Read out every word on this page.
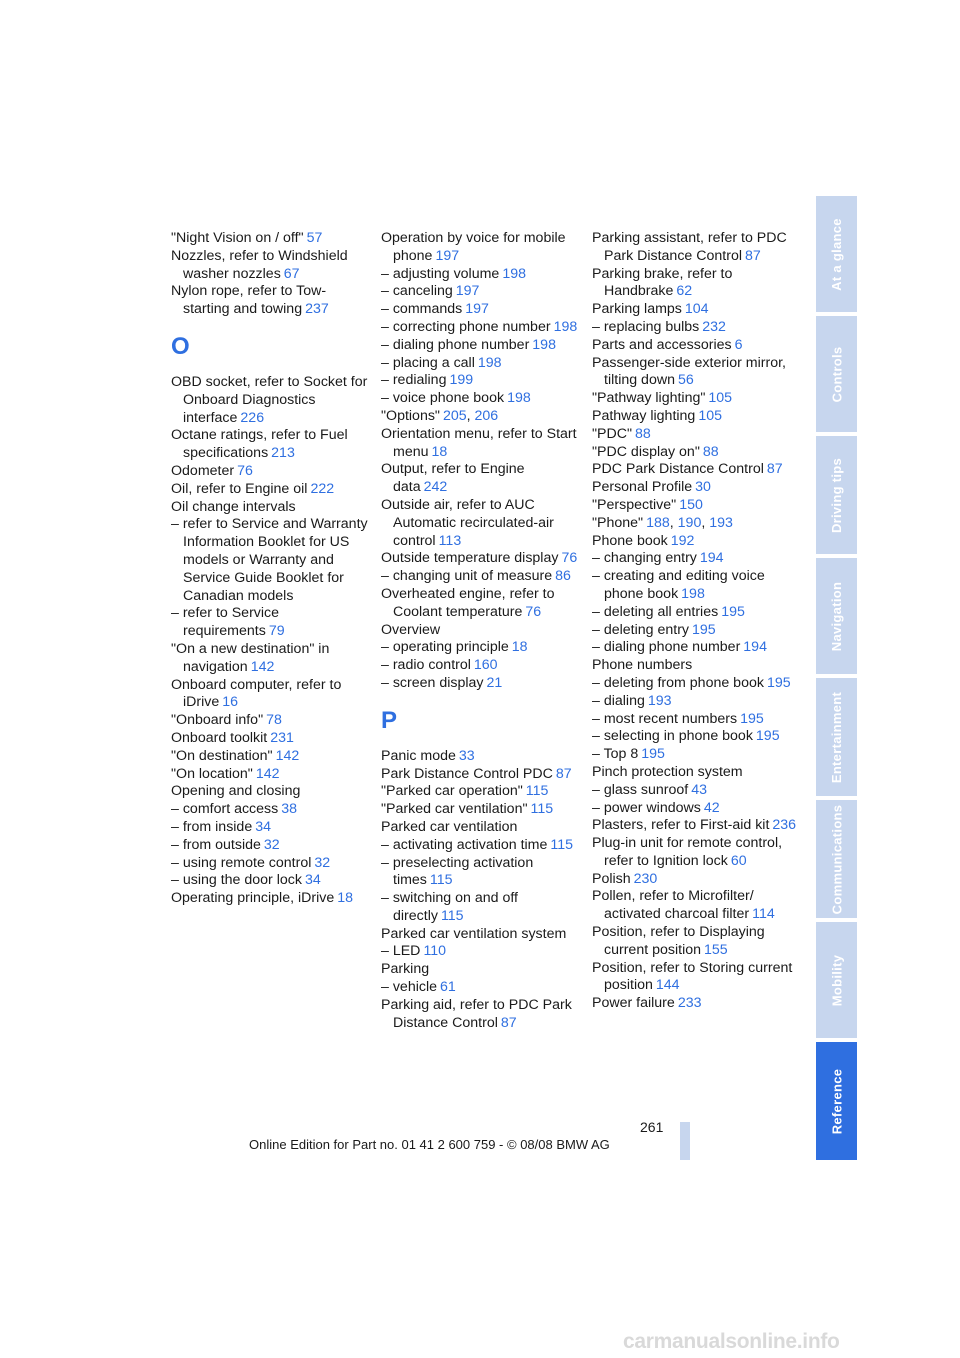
"Night Vision on / off" 57

Nozzles, refer to Windshield washer nozzles 67

Nylon rope, refer to Tow-starting and towing 237

O

OBD socket, refer to Socket for Onboard Diagnostics interface 226

Octane ratings, refer to Fuel specifications 213

Odometer 76

Oil, refer to Engine oil 222

Oil change intervals

– refer to Service and Warranty Information Booklet for US models or Warranty and Service Guide Booklet for Canadian models

– refer to Service requirements 79

"On a new destination" in navigation 142

Onboard computer, refer to iDrive 16

"Onboard info" 78

Onboard toolkit 231

"On destination" 142

"On location" 142

Opening and closing

– comfort access 38

– from inside 34

– from outside 32

– using remote control 32

– using the door lock 34

Operating principle, iDrive 18

Operation by voice for mobile phone 197

– adjusting volume 198

– canceling 197

– commands 197

– correcting phone number 198

– dialing phone number 198

– placing a call 198

– redialing 199

– voice phone book 198

"Options" 205, 206

Orientation menu, refer to Start menu 18

Output, refer to Engine data 242

Outside air, refer to AUC Automatic recirculated-air control 113

Outside temperature display 76

– changing unit of measure 86

Overheated engine, refer to Coolant temperature 76

Overview

– operating principle 18

– radio control 160

– screen display 21

P

Panic mode 33

Park Distance Control PDC 87

"Parked car operation" 115

"Parked car ventilation" 115

Parked car ventilation

– activating activation time 115

– preselecting activation times 115

– switching on and off directly 115

Parked car ventilation system

– LED 110

Parking

– vehicle 61

Parking aid, refer to PDC Park Distance Control 87

Parking assistant, refer to PDC Park Distance Control 87

Parking brake, refer to Handbrake 62

Parking lamps 104

– replacing bulbs 232

Parts and accessories 6

Passenger-side exterior mirror, tilting down 56

"Pathway lighting" 105

Pathway lighting 105

"PDC" 88

"PDC display on" 88

PDC Park Distance Control 87

Personal Profile 30

"Perspective" 150

"Phone" 188, 190, 193

Phone book 192

– changing entry 194

– creating and editing voice phone book 198

– deleting all entries 195

– deleting entry 195

– dialing phone number 194

Phone numbers

– deleting from phone book 195

– dialing 193

– most recent numbers 195

– selecting in phone book 195

– Top 8 195

Pinch protection system

– glass sunroof 43

– power windows 42

Plasters, refer to First-aid kit 236

Plug-in unit for remote control, refer to Ignition lock 60

Polish 230

Pollen, refer to Microfilter/ activated charcoal filter 114

Position, refer to Displaying current position 155

Position, refer to Storing current position 144

Power failure 233

At a glance
Controls
Driving tips
Navigation
Entertainment
Communications
Mobility
Reference
261
Online Edition for Part no. 01 41 2 600 759 - © 08/08 BMW AG
carmanualsonline.info
